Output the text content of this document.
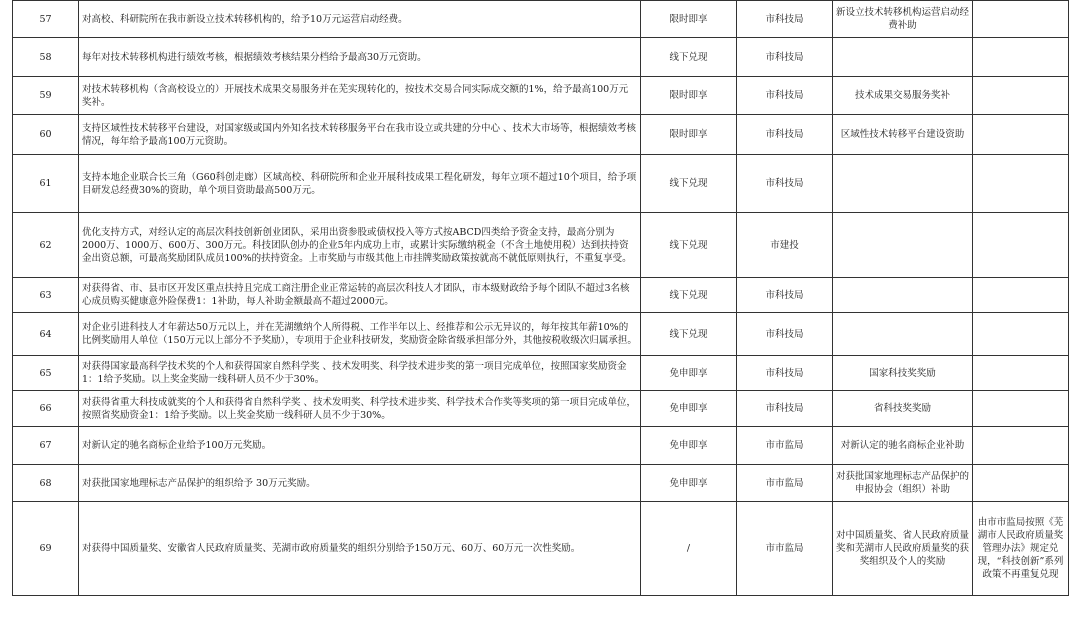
57	对高校、科研院所在我市新设立技术转移机构的，给予10万元运营启动经费。	限时即享	市科技局	新设立技术转移机构运营启动经费补助	
58	每年对技术转移机构进行绩效考核，根据绩效考核结果分档给予最高30万元资助。	线下兑现	市科技局		
59	对技术转移机构（含高校设立的）开展技术成果交易服务并在芜实现转化的，按技术交易合同实际成交额的1%，给予最高100万元奖补。	限时即享	市科技局	技术成果交易服务奖补	
60	支持区域性技术转移平台建设，对国家级或国内外知名技术转移服务平台在我市设立或共建的分中心 、技术大市场等，根据绩效考核情况，每年给予最高100万元资助。	限时即享	市科技局	区域性技术转移平台建设资助	
61	支持本地企业联合长三角（G60科创走廊）区域高校、科研院所和企业开展科技成果工程化研发，每年立项不超过10个项目，给予项目研发总经费30%的资助，单个项目资助最高500万元。	线下兑现	市科技局		
62	优化支持方式，对经认定的高层次科技创新创业团队，采用出资参股或债权投入等方式按ABCD四类给予资金支持，最高分别为2000万、1000万、600万、300万元。科技团队创办的企业5年内成功上市，或累计实际缴纳税金（不含土地使用税）达到扶持资金出资总额，可最高奖励团队成员100%的扶持资金。上市奖励与市级其他上市挂牌奖励政策按就高不就低原则执行，不重复享受。	线下兑现	市建投		
63	对获得省、市、县市区开发区重点扶持且完成工商注册企业正常运转的高层次科技人才团队，市本级财政给予每个团队不超过3名核心成员购买健康意外险保费1：1补助，每人补助金额最高不超过2000元。	线下兑现	市科技局		
64	对企业引进科技人才年薪达50万元以上，并在芜湖缴纳个人所得税、工作半年以上、经推荐和公示无异议的，每年按其年薪10%的比例奖励用人单位（150万元以上部分不予奖励），专项用于企业科技研发，奖励资金除省级承担部分外，其他按税收级次归属承担。	线下兑现	市科技局		
65	对获得国家最高科学技术奖的个人和获得国家自然科学奖 、技术发明奖、科学技术进步奖的第一项目完成单位，按照国家奖励资金1：1给予奖励。以上奖金奖励一线科研人员不少于30%。	免申即享	市科技局	国家科技奖奖励	
66	对获得省重大科技成就奖的个人和获得省自然科学奖 、技术发明奖、科学技术进步奖、科学技术合作奖等奖项的第一项目完成单位，按照省奖励资金1：1给予奖励。以上奖金奖励一线科研人员不少于30%。	免申即享	市科技局	省科技奖奖励	
67	对新认定的驰名商标企业给予100万元奖励。	免申即享	市市监局	对新认定的驰名商标企业补助	
68	对获批国家地理标志产品保护的组织给予 30万元奖励。	免申即享	市市监局	对获批国家地理标志产品保护的申报协会（组织）补助	
69	对获得中国质量奖、安徽省人民政府质量奖、芜湖市政府质量奖的组织分别给予150万元、60万、60万元一次性奖励。	/	市市监局	对中国质量奖、省人民政府质量奖和芜湖市人民政府质量奖的获奖组织及个人的奖励	由市市监局按照《芜湖市人民政府质量奖管理办法》规定兑现，“科技创新”系列政策不再重复兑现
